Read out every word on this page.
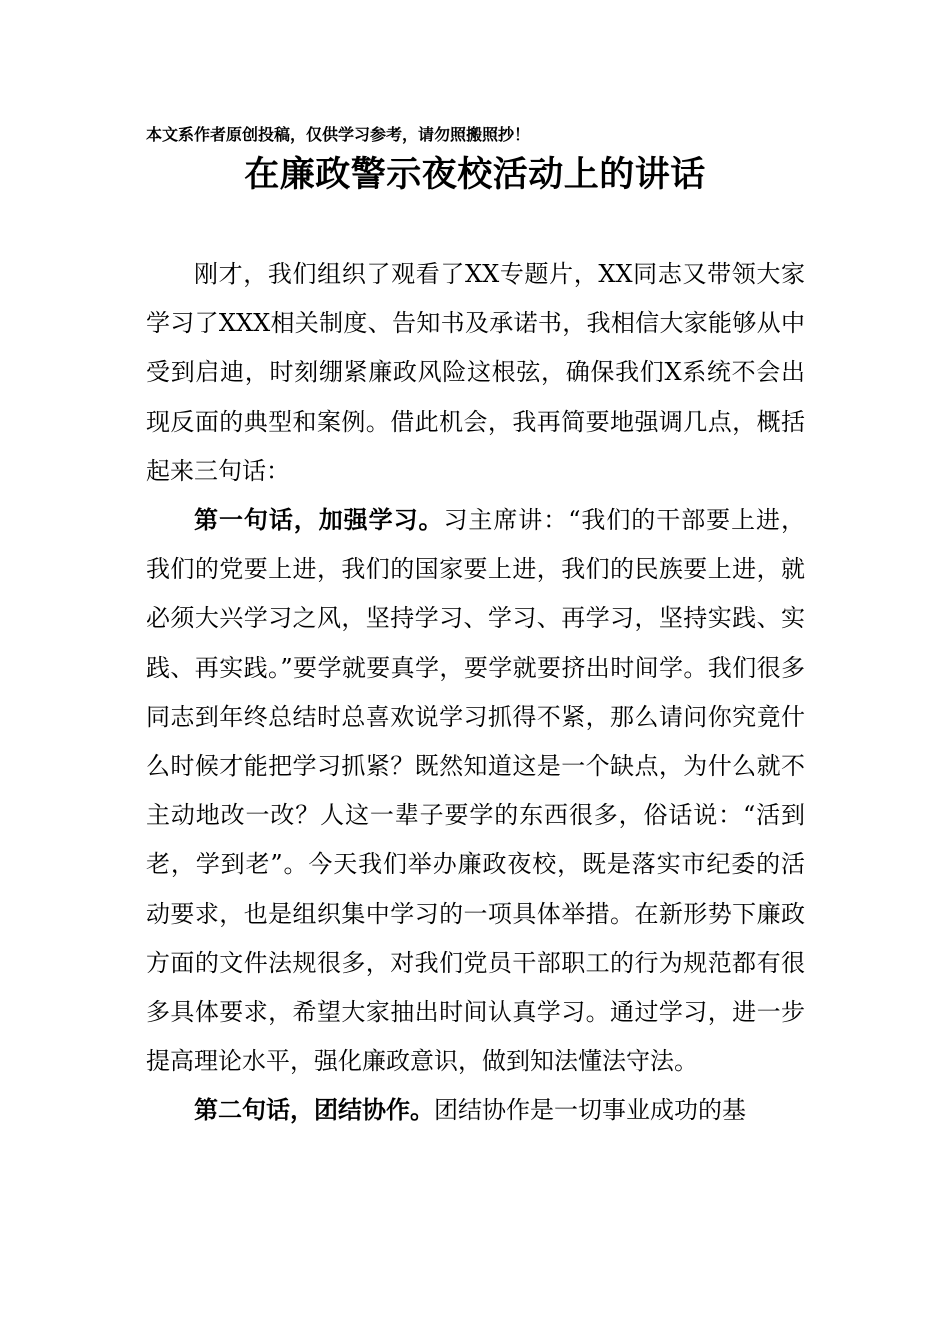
本文系作者原创投稿，仅供学习参考，请勿照搬照抄！
在廉政警示夜校活动上的讲话

刚才，我们组织了观看了XX专题片，XX同志又带领大家学习了XXX相关制度、告知书及承诺书，我相信大家能够从中受到启迪，时刻绷紧廉政风险这根弦，确保我们X系统不会出现反面的典型和案例。借此机会，我再简要地强调几点，概括起来三句话：

第一句话，加强学习。习主席讲：“我们的干部要上进，我们的党要上进，我们的国家要上进，我们的民族要上进，就必须大兴学习之风，坚持学习、学习、再学习，坚持实践、实践、再实践。”要学就要真学，要学就要挤出时间学。我们很多同志到年终总结时总喜欢说学习抓得不紧，那么请问你究竟什么时候才能把学习抓紧？既然知道这是一个缺点，为什么就不主动地改一改？人这一辈子要学的东西很多，俗话说：“活到老，学到老”。今天我们举办廉政夜校，既是落实市纪委的活动要求，也是组织集中学习的一项具体举措。在新形势下廉政方面的文件法规很多，对我们党员干部职工的行为规范都有很多具体要求，希望大家抽出时间认真学习。通过学习，进一步提高理论水平，强化廉政意识，做到知法懂法守法。

第二句话，团结协作。团结协作是一切事业成功的基
